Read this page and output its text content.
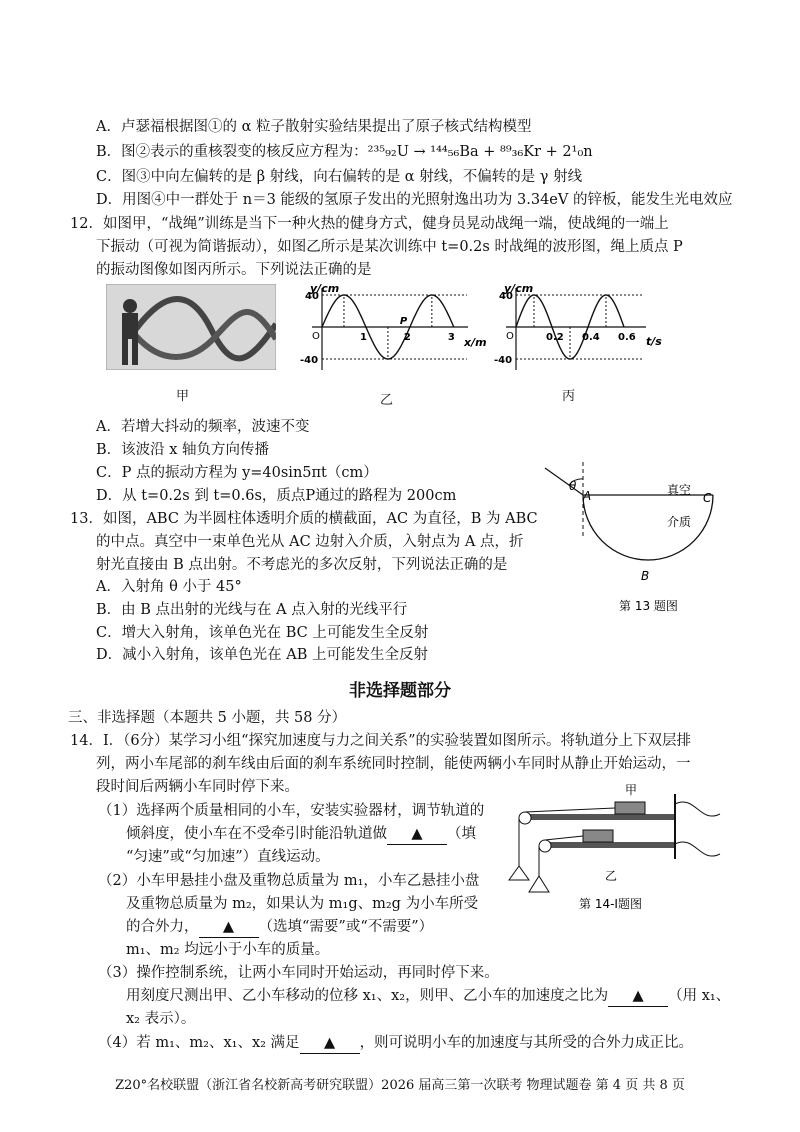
A．卢瑟福根据图①的 α 粒子散射实验结果提出了原子核式结构模型
B．图②表示的重核裂变的核反应方程为：²³⁵₉₂U → ¹⁴⁴₅₆Ba + ⁸⁹₃₆Kr + 2¹₀n
C．图③中向左偏转的是 β 射线，向右偏转的是 α 射线，不偏转的是 γ 射线
D．用图④中一群处于 n＝3 能级的氢原子发出的光照射逸出功为 3.34eV 的锌板，能发生光电效应
12．如图甲，“战绳”训练是当下一种火热的健身方式，健身员晃动战绳一端，使战绳的一端上
下振动（可视为简谐振动），如图乙所示是某次训练中 t=0.2s 时战绳的波形图，绳上质点 P
的振动图像如图丙所示。下列说法正确的是
甲
1	2	3
40
-40
P
y/cm
x/m
O
乙
0.2 0.4 0.6
40
-40
y/cm
t/s
O
丙
A．若增大抖动的频率，波速不变
B．该波沿 x 轴负方向传播
C．P 点的振动方程为 y=40sin5πt（cm）
D．从 t=0.2s 到 t=0.6s，质点P通过的路程为 200cm
13．如图，ABC 为半圆柱体透明介质的横截面，AC 为直径，B 为 ABC
的中点。真空中一束单色光从 AC 边射入介质，入射点为 A 点，折
射光直接由 B 点出射。不考虑光的多次反射，下列说法正确的是
θ
A	C
B
真空
介质
第 13 题图
A．入射角 θ 小于 45°
B．由 B 点出射的光线与在 A 点入射的光线平行
C．增大入射角，该单色光在 BC 上可能发生全反射
D．减小入射角，该单色光在 AB 上可能发生全反射
非选择题部分
三、非选择题（本题共 5 小题，共 58 分）
14．Ⅰ．（6分）某学习小组“探究加速度与力之间关系”的实验装置如图所示。将轨道分上下双层排
列，两小车尾部的刹车线由后面的刹车系统同时控制，能使两辆小车同时从静止开始运动，一
段时间后两辆小车同时停下来。
（1）选择两个质量相同的小车，安装实验器材，调节轨道的
倾斜度，使小车在不受牵引时能沿轨道做 ▲ （填
“匀速”或“匀加速”）直线运动。
（2）小车甲悬挂小盘及重物总质量为 m₁，小车乙悬挂小盘
及重物总质量为 m₂，如果认为 m₁g、m₂g 为小车所受
的合外力， ▲ （选填“需要”或“不需要”）
m₁、m₂ 均远小于小车的质量。
（3）操作控制系统，让两小车同时开始运动，再同时停下来。
用刻度尺测出甲、乙小车移动的位移 x₁、x₂，则甲、乙小车的加速度之比为 ▲ （用 x₁、
x₂ 表示）。
（4）若 m₁、m₂、x₁、x₂ 满足 ▲ ，则可说明小车的加速度与其所受的合外力成正比。
甲
乙
第 14-Ⅰ题图
Z20°名校联盟（浙江省名校新高考研究联盟）2026 届高三第一次联考 物理试题卷 第 4 页 共 8 页
